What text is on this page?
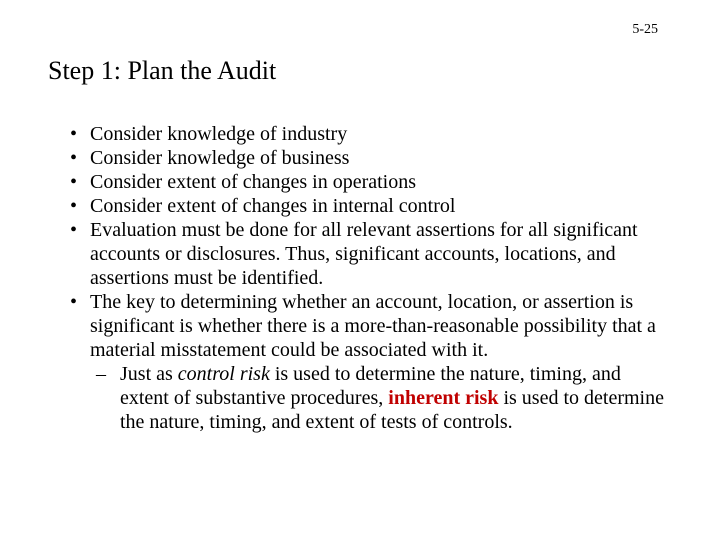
5-25
Step 1: Plan the Audit
• Consider knowledge of industry
• Consider knowledge of business
• Consider extent of changes in operations
• Consider extent of changes in internal control
• Evaluation must be done for all relevant assertions for all significant accounts or disclosures. Thus, significant accounts, locations, and assertions must be identified.
• The key to determining whether an account, location, or assertion is significant is whether there is a more-than-reasonable possibility that a material misstatement could be associated with it.
– Just as control risk is used to determine the nature, timing, and extent of substantive procedures, inherent risk is used to determine the nature, timing, and extent of tests of controls.
